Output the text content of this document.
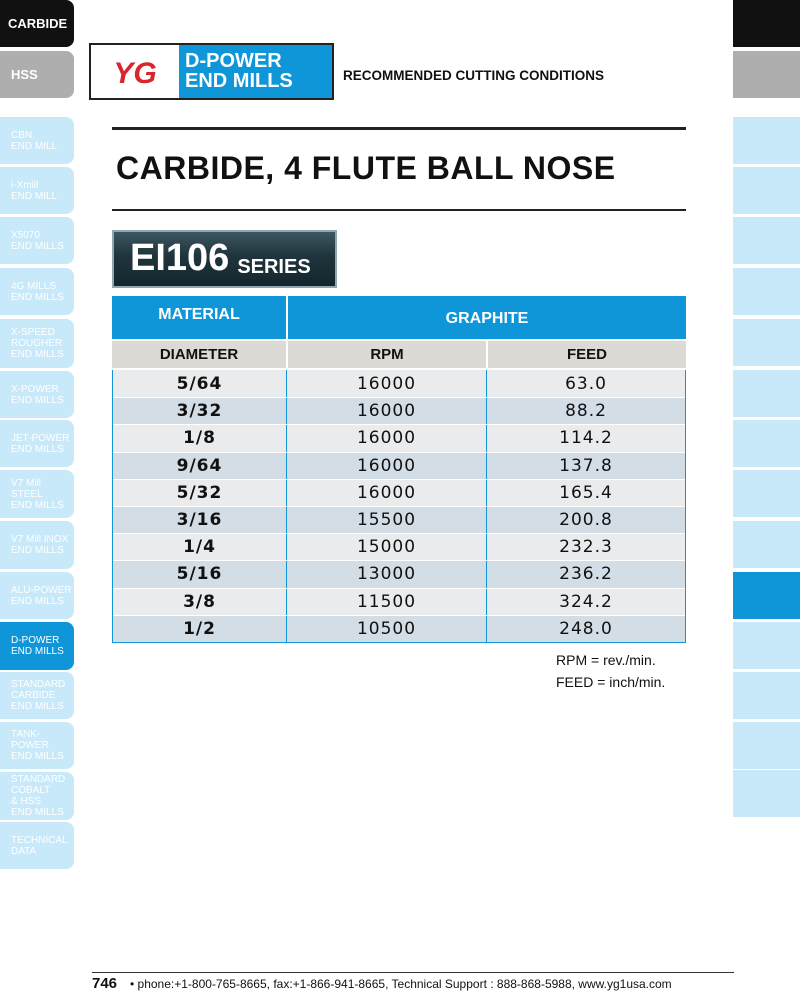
CARBIDE
HSS
CBN
END MILL
i-Xmill
END MILL
X5070
END MILLS
4G MILLS
END MILLS
X-SPEED
ROUGHER
END MILLS
X-POWER
END MILLS
JET-POWER
END MILLS
V7 Mill STEEL
END MILLS
V7 Mill INOX
END MILLS
ALU-POWER
END MILLS
D-POWER
END MILLS
STANDARD
CARBIDE
END MILLS
TANK-POWER
END MILLS
STANDARD
COBALT
& HSS
END MILLS
TECHNICAL
DATA
YG D-POWER
END MILLS	RECOMMENDED CUTTING CONDITIONS
CARBIDE, 4 FLUTE BALL NOSE
EI106 SERIES
MATERIAL	GRAPHITE
DIAMETER	RPM	FEED
5/64	16000	63.0
3/32	16000	88.2
1/8	16000	114.2
9/64	16000	137.8
5/32	16000	165.4
3/16	15500	200.8
1/4	15000	232.3
5/16	13000	236.2
3/8	11500	324.2
1/2	10500	248.0
RPM = rev./min.
FEED = inch/min.
746 • phone:+1-800-765-8665, fax:+1-866-941-8665, Technical Support : 888-868-5988, www.yg1usa.com
